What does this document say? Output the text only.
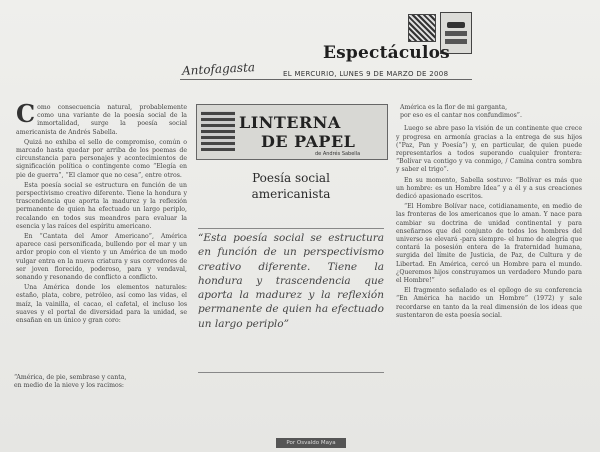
Espectáculos
Antofagasta	EL MERCURIO, LUNES 9 DE MARZO DE 2008

Como consecuencia natural, probablemente como una variante de la poesía social de la inmortalidad, surge la poesía social americanista de Andrés Sabella.

Quizá no exhiba el sello de compromiso, común o marcado hasta quedar por arriba de los poemas de circunstancia para personajes y acontecimientos de significación política o contingente como “Elegía en pie de guerra”, “El clamor que no cesa”, entre otros.

Esta poesía social se estructura en función de un perspectivismo creativo diferente. Tiene la hondura y trascendencia que aporta la madurez y la reflexión permanente de quien ha efectuado un largo periplo, recalando en todos sus meandros para evaluar la esencia y las raíces del espíritu americano.

En “Cantata del Amor Americano”, América aparece casi personificada, bullendo por el mar y un ardor propio con el viento y un América de un modo vulgar entra en la nueva criatura y sus corredores de ser joven florecido, poderoso, para y vendaval, sonando y resonando de conflicto a conflicto.

Una América donde los elementos naturales: estaño, plata, cobre, petróleo, así como las vidas, el maíz, la vainilla, el cacao, el cafetal, el incluso los suaves y el portal de diversidad para la unidad, se ensañan en un único y gran coro:

LINTERNA
DE PAPEL
de Andrés Sabella
Poesía social
americanista
“Esta poesía social se estructura en función de un perspectivismo creativo diferente. Tiene la hondura y trascendencia que aporta la madurez y la reflexión permanente de quien ha efectuado un largo periplo”
“América, de pie, sembrase y canta,
en medio de la nieve y los racimos:
Por Osvaldo Maya
América es la flor de mi garganta,
por eso es el cantar nos confundimos”.

Luego se abre paso la visión de un continente que crece y progresa en armonía gracias a la entrega de sus hijos (“Paz, Pan y Poesía”) y, en particular, de quien puede representarlos a todos superando cualquier frontera: “Bolívar va contigo y va conmigo, / Camina contra sombra y saber el trigo”.

En su momento, Sabella sostuvo: “Bolívar es más que un hombre: es un Hombre Idea” y a él y a sus creaciones dedicó apasionado escritos.

“El Hombre Bolívar nace, cotidianamente, en medio de las fronteras de los americanos que lo aman. Y nace para cambiar su doctrina de unidad continental y para enseñarnos que del conjunto de todos los hombres del universo se elevará -para siempre- el humo de alegría que contará la posesión entera de la fraternidad humana, surgida del límite de Justicia, de Paz, de Cultura y de Libertad. En América, cercó un Hombre para el mundo. ¿Queremos hijos construyamos un verdadero Mundo para el Hombre!”

El fragmento señalado es el epílogo de su conferencia “En América ha nacido un Hombre” (1972) y sale recordarse en tanto da la real dimensión de los ideas que sustentaron de esta poesía social.
